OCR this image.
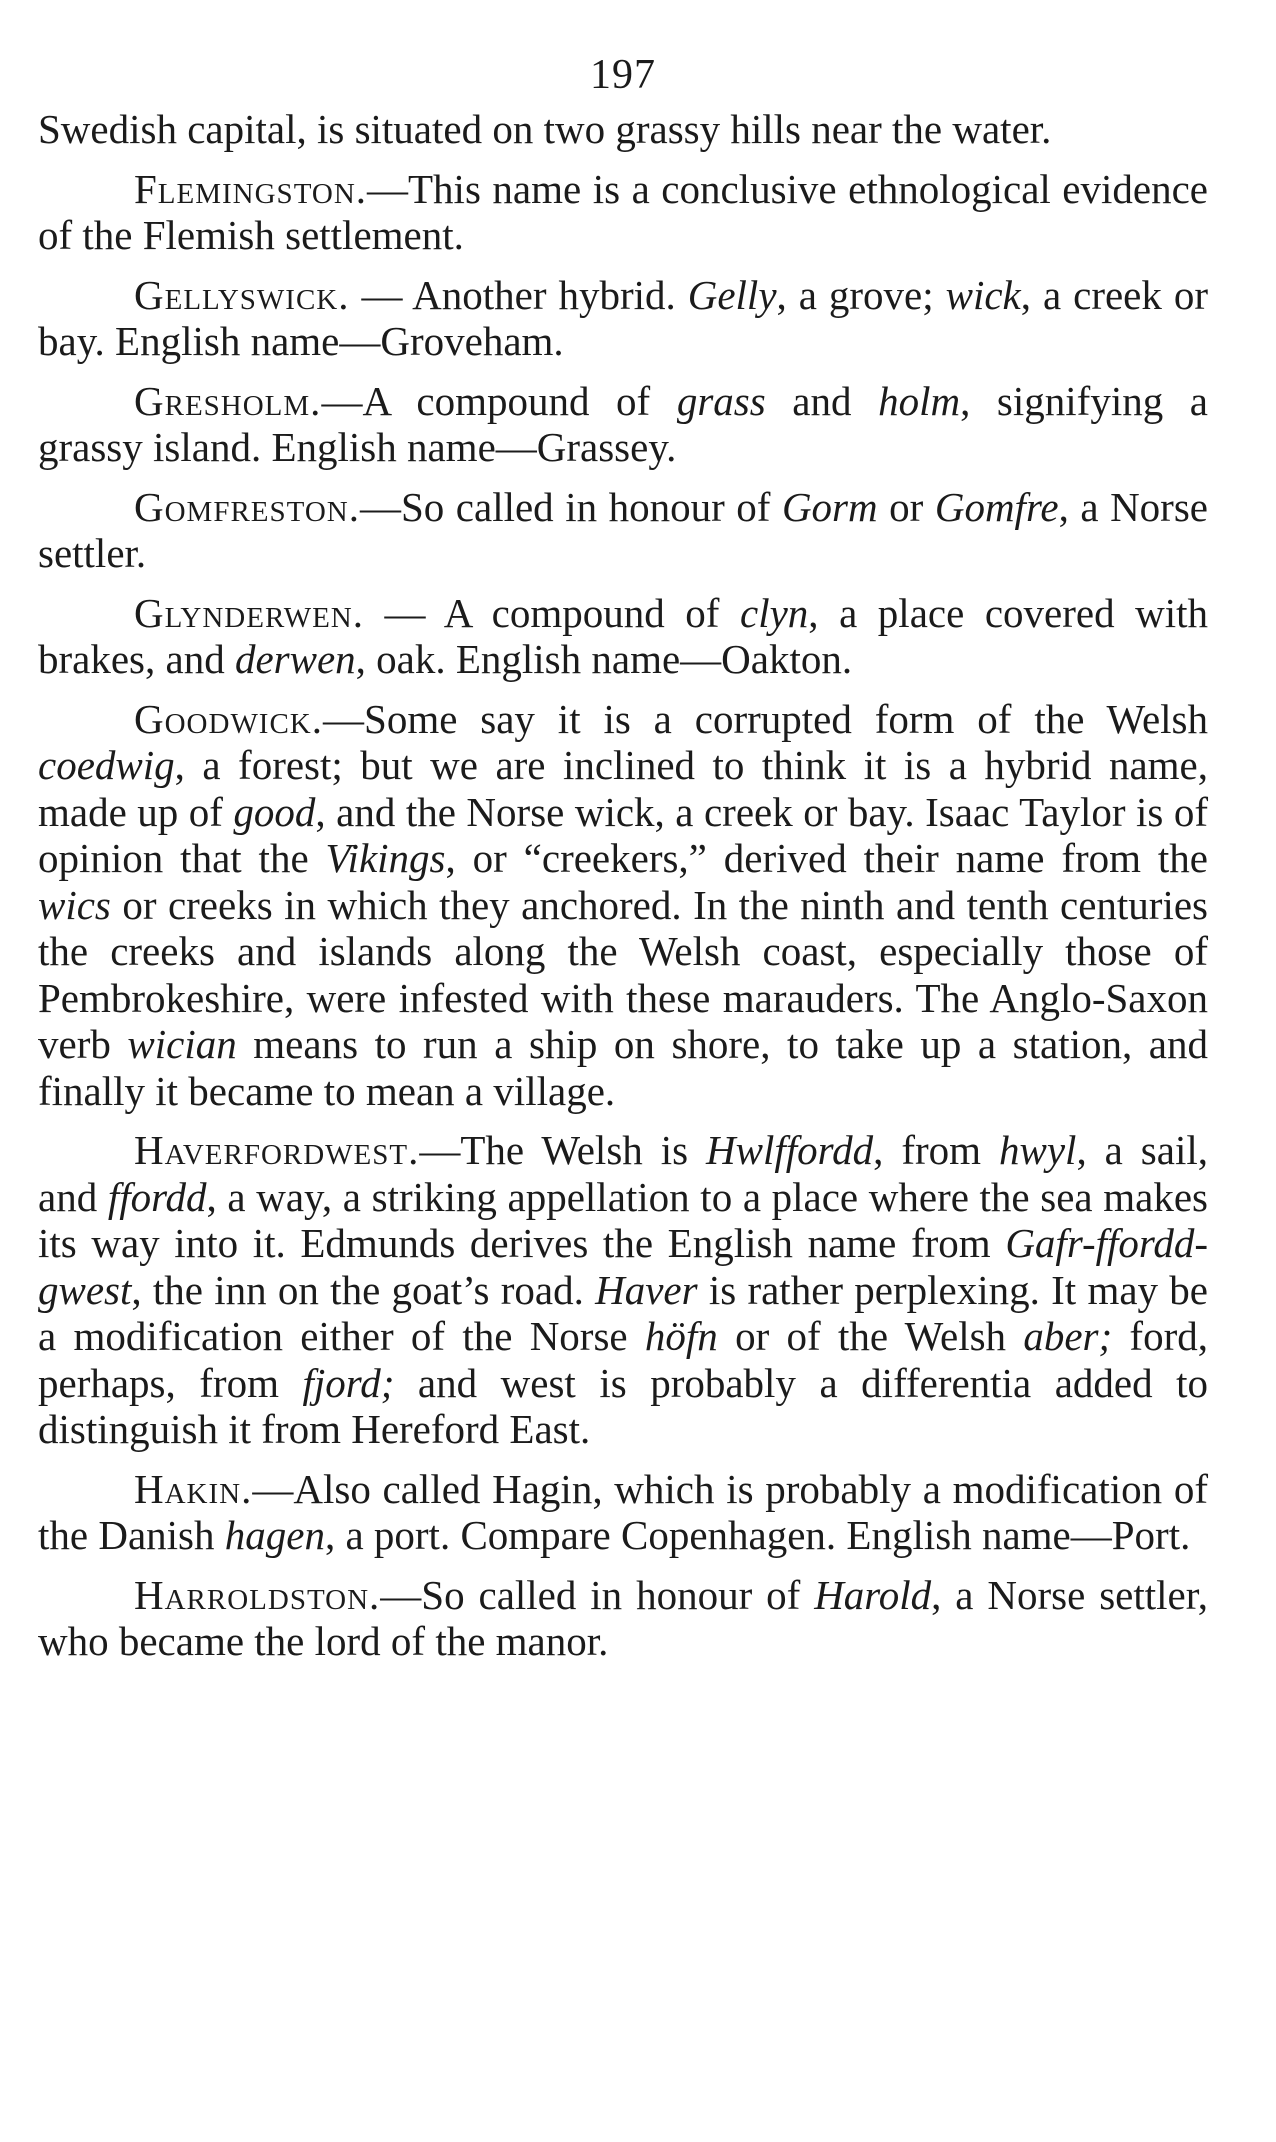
197

Swedish capital, is situated on two grassy hills near the water.

Flemingston.—This name is a conclusive ethnological evidence of the Flemish settlement.

Gellyswick. — Another hybrid. Gelly, a grove; wick, a creek or bay. English name—Groveham.

Gresholm.—A compound of grass and holm, signifying a grassy island. English name—Grassey.

Gomfreston.—So called in honour of Gorm or Gomfre, a Norse settler.

Glynderwen. — A compound of clyn, a place covered with brakes, and derwen, oak. English name—Oakton.

Goodwick.—Some say it is a corrupted form of the Welsh coedwig, a forest; but we are inclined to think it is a hybrid name, made up of good, and the Norse wick, a creek or bay. Isaac Taylor is of opinion that the Vikings, or “creekers,” derived their name from the wics or creeks in which they anchored. In the ninth and tenth centuries the creeks and islands along the Welsh coast, especially those of Pembrokeshire, were infested with these marauders. The Anglo-Saxon verb wician means to run a ship on shore, to take up a station, and finally it became to mean a village.

Haverfordwest.—The Welsh is Hwlffordd, from hwyl, a sail, and ffordd, a way, a striking appellation to a place where the sea makes its way into it. Edmunds derives the English name from Gafr-ffordd-gwest, the inn on the goat’s road. Haver is rather perplexing. It may be a modification either of the Norse höfn or of the Welsh aber; ford, perhaps, from fjord; and west is probably a differentia added to distinguish it from Hereford East.

Hakin.—Also called Hagin, which is probably a modification of the Danish hagen, a port. Compare Copenhagen. English name—Port.

Harroldston.—So called in honour of Harold, a Norse settler, who became the lord of the manor.
